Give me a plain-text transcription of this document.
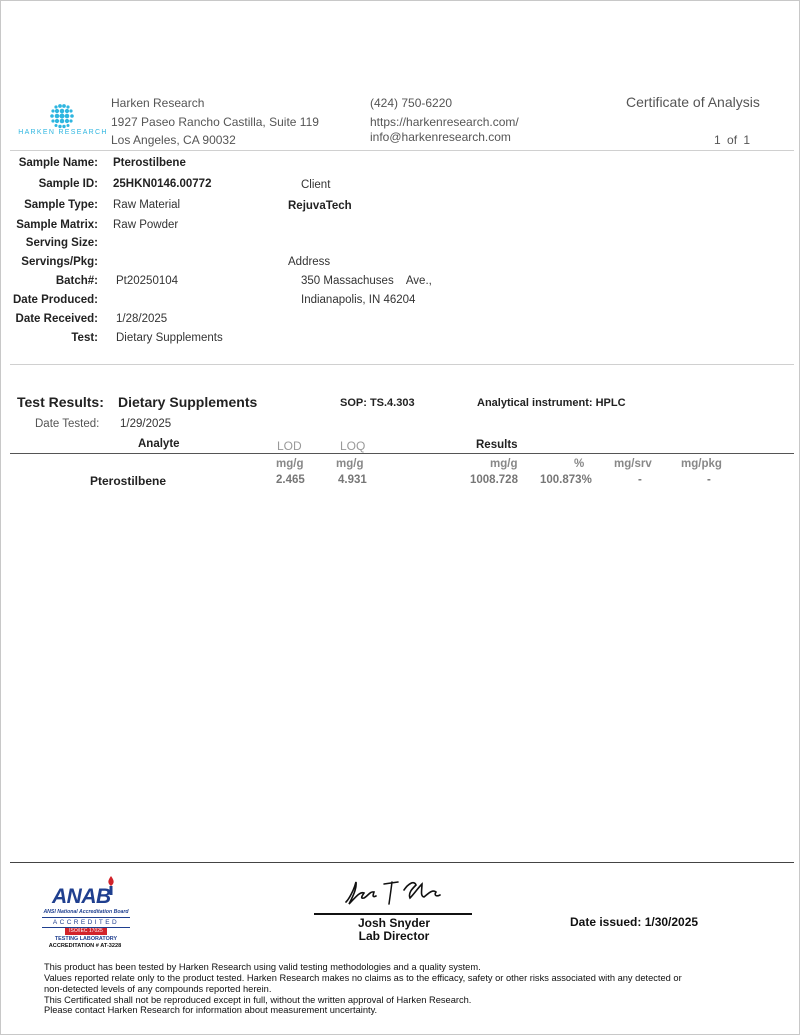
HARKEN RESEARCH
Harken Research
1927 Paseo Rancho Castilla, Suite 119
Los Angeles, CA 90032
(424) 750-6220
https://harkenresearch.com/
info@harkenresearch.com
Certificate of Analysis
1 of 1
Sample Name: Pterostilbene
Sample ID: 25HKN0146.00772
Sample Type: Raw Material
Sample Matrix: Raw Powder
Serving Size:
Servings/Pkg:
Batch#: Pt20250104
Date Produced:
Date Received: 1/28/2025
Test: Dietary Supplements
Client
RejuvaTech
Address
350 Massachuses    Ave.,
Indianapolis, IN 46204
Test Results: Dietary Supplements	SOP: TS.4.303	Analytical instrument: HPLC
Date Tested: 1/29/2025
Analyte	LOD	LOQ	Results
mg/g	mg/g	mg/g	%	mg/srv	mg/pkg
Pterostilbene	2.465	4.931	1008.728 100.873%	-	-
ANAB
ANSI National Accreditation Board
ACCREDITED
ISO/IEC 17025
TESTING LABORATORY
ACCREDITATION # AT-3228
Josh Snyder
Lab Director
Date issued: 1/30/2025
This product has been tested by Harken Research using valid testing methodologies and a quality system.
Values reported relate only to the product tested. Harken Research makes no claims as to the efficacy, safety or other risks associated with any detected or
non-detected levels of any compounds reported herein.
This Certificated shall not be reproduced except in full, without the written approval of Harken Research.
Please contact Harken Research for information about measurement uncertainty.
